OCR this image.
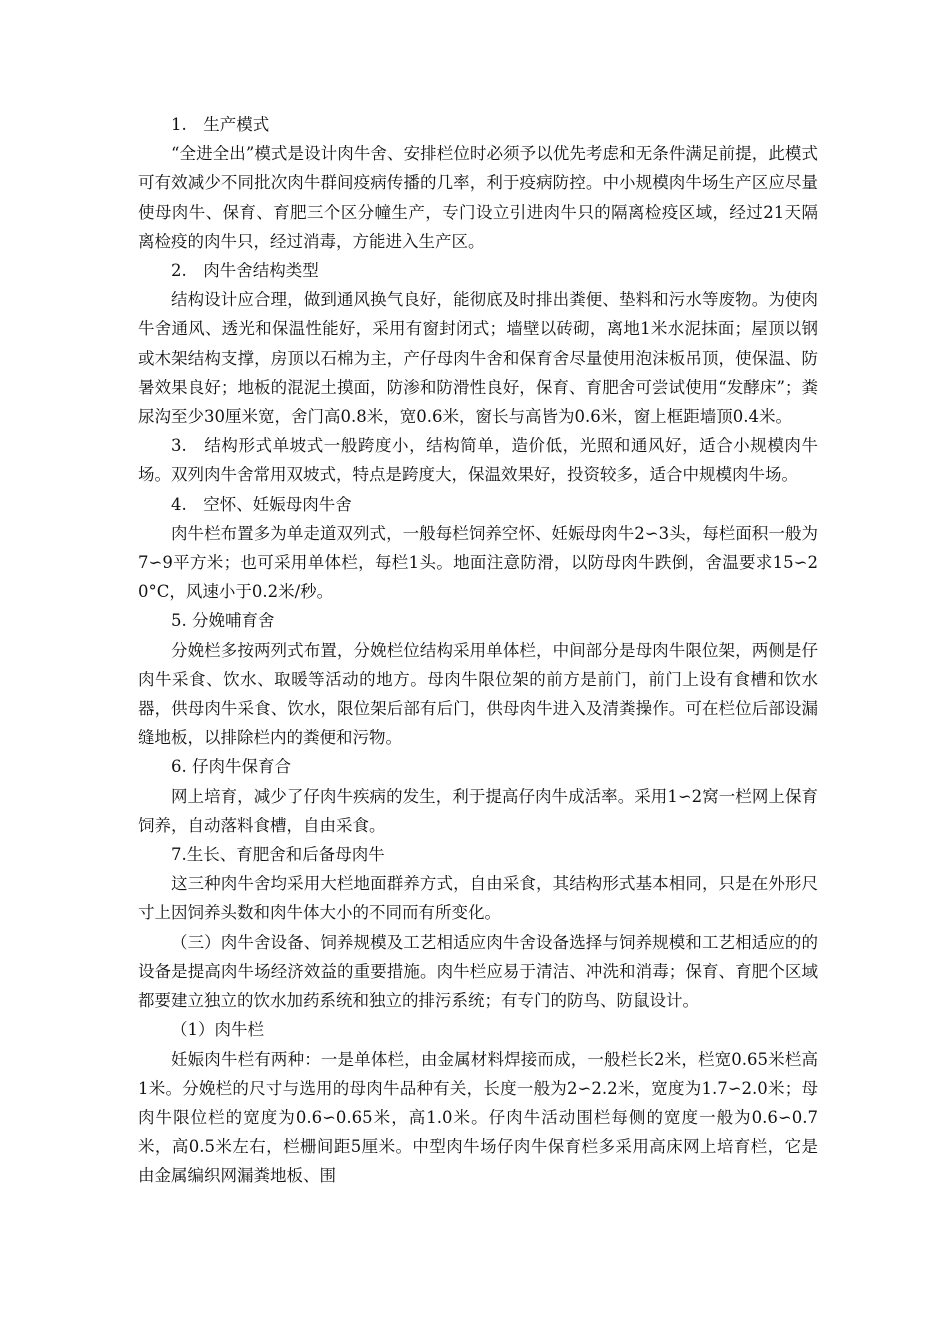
1.　生产模式

“全进全出”模式是设计肉牛舍、安排栏位时必须予以优先考虑和无条件满足前提，此模式可有效减少不同批次肉牛群间疫病传播的几率，利于疫病防控。中小规模肉牛场生产区应尽量使母肉牛、保育、育肥三个区分幢生产，专门设立引进肉牛只的隔离检疫区域，经过21天隔离检疫的肉牛只，经过消毒，方能进入生产区。

2.　肉牛舍结构类型

结构设计应合理，做到通风换气良好，能彻底及时排出粪便、垫料和污水等废物。为使肉牛舍通风、透光和保温性能好，采用有窗封闭式；墙壁以砖砌，离地1米水泥抹面；屋顶以钢或木架结构支撑，房顶以石棉为主，产仔母肉牛舍和保育舍尽量使用泡沫板吊顶，使保温、防暑效果良好；地板的混泥土摸面，防渗和防滑性良好，保育、育肥舍可尝试使用“发酵床”；粪尿沟至少30厘米宽，舍门高0.8米，宽0.6米，窗长与高皆为0.6米，窗上框距墙顶0.4米。

3.　结构形式单坡式一般跨度小，结构简单，造价低，光照和通风好，适合小规模肉牛场。双列肉牛舍常用双坡式，特点是跨度大，保温效果好，投资较多，适合中规模肉牛场。

4.　空怀、妊娠母肉牛舍

肉牛栏布置多为单走道双列式，一般每栏饲养空怀、妊娠母肉牛2∽3头，每栏面积一般为7∽9平方米；也可采用单体栏，每栏1头。地面注意防滑，以防母肉牛跌倒，舍温要求15∽20°C，风速小于0.2米/秒。

5. 分娩哺育舍

分娩栏多按两列式布置，分娩栏位结构采用单体栏，中间部分是母肉牛限位架，两侧是仔肉牛采食、饮水、取暖等活动的地方。母肉牛限位架的前方是前门，前门上设有食槽和饮水器，供母肉牛采食、饮水，限位架后部有后门，供母肉牛进入及清粪操作。可在栏位后部设漏缝地板，以排除栏内的粪便和污物。

6. 仔肉牛保育合

网上培育，减少了仔肉牛疾病的发生，利于提高仔肉牛成活率。采用1∽2窝一栏网上保育饲养，自动落料食槽，自由采食。

7.生长、育肥舍和后备母肉牛

这三种肉牛舍均采用大栏地面群养方式，自由采食，其结构形式基本相同，只是在外形尺寸上因饲养头数和肉牛体大小的不同而有所变化。

（三）肉牛舍设备、饲养规模及工艺相适应肉牛舍设备选择与饲养规模和工艺相适应的的设备是提高肉牛场经济效益的重要措施。肉牛栏应易于清洁、冲洗和消毒；保育、育肥个区域都要建立独立的饮水加药系统和独立的排污系统；有专门的防鸟、防鼠设计。

（1）肉牛栏

妊娠肉牛栏有两种：一是单体栏，由金属材料焊接而成，一般栏长2米，栏宽0.65米栏高1米。分娩栏的尺寸与选用的母肉牛品种有关，长度一般为2∽2.2米，宽度为1.7∽2.0米；母肉牛限位栏的宽度为0.6∽0.65米，高1.0米。仔肉牛活动围栏每侧的宽度一般为0.6∽0.7米，高0.5米左右，栏栅间距5厘米。中型肉牛场仔肉牛保育栏多采用高床网上培育栏，它是由金属编织网漏粪地板、围
